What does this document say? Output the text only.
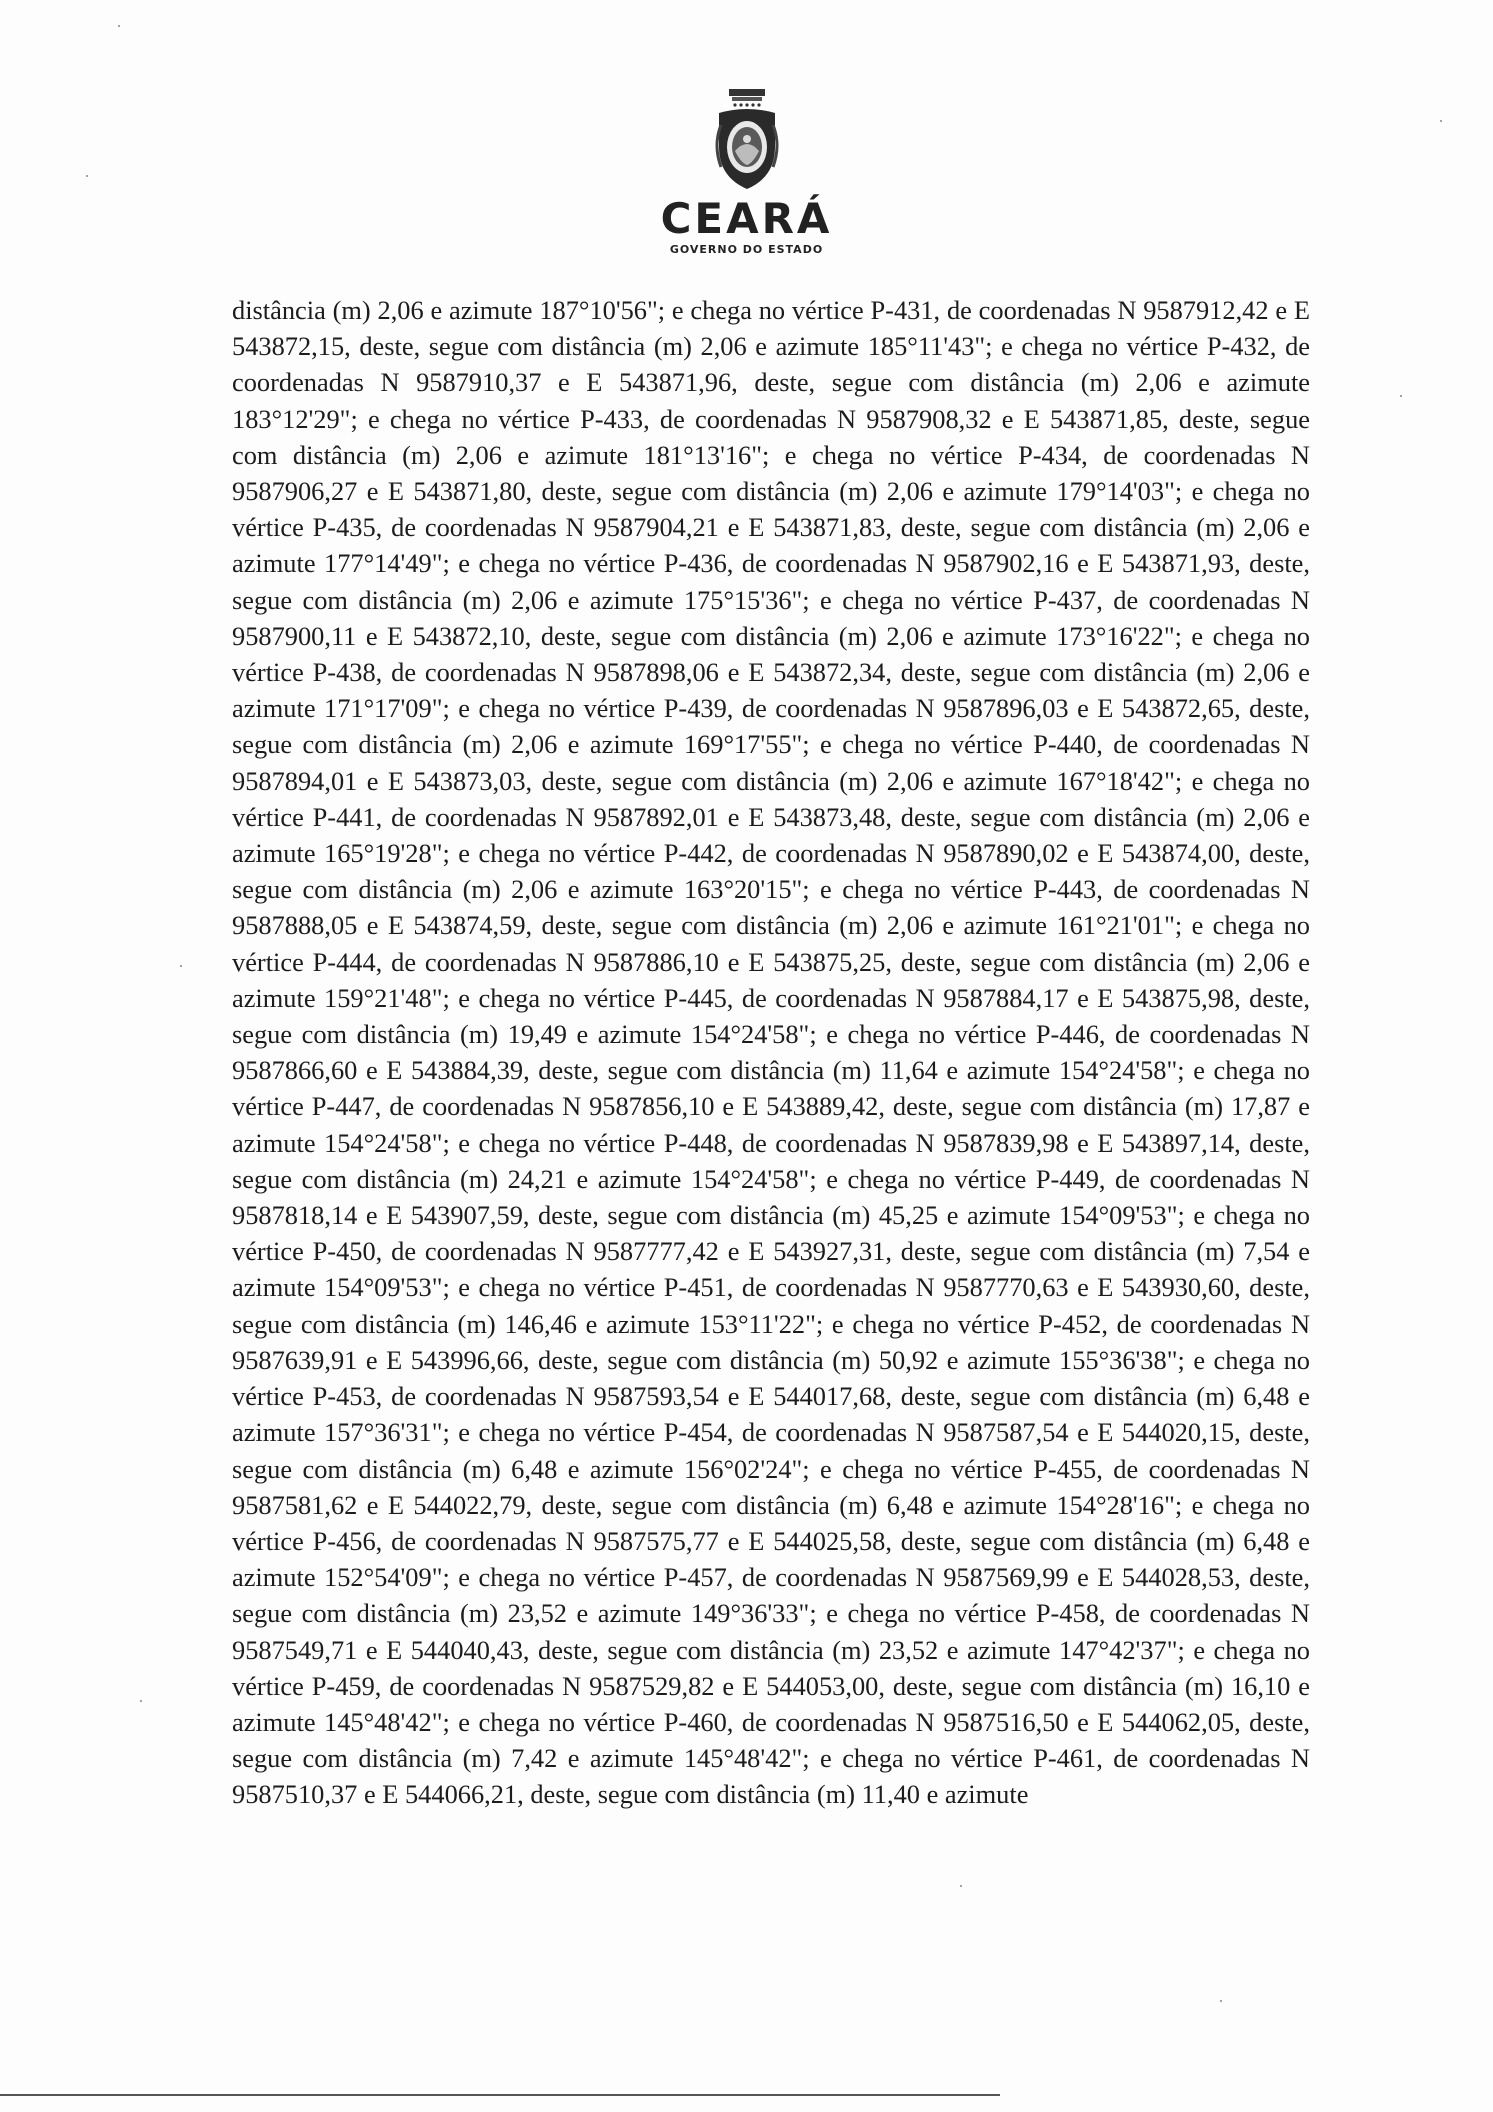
CEARÁ
GOVERNO DO ESTADO
distância (m) 2,06 e azimute 187°10'56"; e chega no vértice P-431, de coordenadas N 9587912,42 e E 543872,15, deste, segue com distância (m) 2,06 e azimute 185°11'43"; e chega no vértice P-432, de coordenadas N 9587910,37 e E 543871,96, deste, segue com distância (m) 2,06 e azimute 183°12'29"; e chega no vértice P-433, de coordenadas N 9587908,32 e E 543871,85, deste, segue com distância (m) 2,06 e azimute 181°13'16"; e chega no vértice P-434, de coordenadas N 9587906,27 e E 543871,80, deste, segue com distância (m) 2,06 e azimute 179°14'03"; e chega no vértice P-435, de coordenadas N 9587904,21 e E 543871,83, deste, segue com distância (m) 2,06 e azimute 177°14'49"; e chega no vértice P-436, de coordenadas N 9587902,16 e E 543871,93, deste, segue com distância (m) 2,06 e azimute 175°15'36"; e chega no vértice P-437, de coordenadas N 9587900,11 e E 543872,10, deste, segue com distância (m) 2,06 e azimute 173°16'22"; e chega no vértice P-438, de coordenadas N 9587898,06 e E 543872,34, deste, segue com distância (m) 2,06 e azimute 171°17'09"; e chega no vértice P-439, de coordenadas N 9587896,03 e E 543872,65, deste, segue com distância (m) 2,06 e azimute 169°17'55"; e chega no vértice P-440, de coordenadas N 9587894,01 e E 543873,03, deste, segue com distância (m) 2,06 e azimute 167°18'42"; e chega no vértice P-441, de coordenadas N 9587892,01 e E 543873,48, deste, segue com distância (m) 2,06 e azimute 165°19'28"; e chega no vértice P-442, de coordenadas N 9587890,02 e E 543874,00, deste, segue com distância (m) 2,06 e azimute 163°20'15"; e chega no vértice P-443, de coordenadas N 9587888,05 e E 543874,59, deste, segue com distância (m) 2,06 e azimute 161°21'01"; e chega no vértice P-444, de coordenadas N 9587886,10 e E 543875,25, deste, segue com distância (m) 2,06 e azimute 159°21'48"; e chega no vértice P-445, de coordenadas N 9587884,17 e E 543875,98, deste, segue com distância (m) 19,49 e azimute 154°24'58"; e chega no vértice P-446, de coordenadas N 9587866,60 e E 543884,39, deste, segue com distância (m) 11,64 e azimute 154°24'58"; e chega no vértice P-447, de coordenadas N 9587856,10 e E 543889,42, deste, segue com distância (m) 17,87 e azimute 154°24'58"; e chega no vértice P-448, de coordenadas N 9587839,98 e E 543897,14, deste, segue com distância (m) 24,21 e azimute 154°24'58"; e chega no vértice P-449, de coordenadas N 9587818,14 e E 543907,59, deste, segue com distância (m) 45,25 e azimute 154°09'53"; e chega no vértice P-450, de coordenadas N 9587777,42 e E 543927,31, deste, segue com distância (m) 7,54 e azimute 154°09'53"; e chega no vértice P-451, de coordenadas N 9587770,63 e E 543930,60, deste, segue com distância (m) 146,46 e azimute 153°11'22"; e chega no vértice P-452, de coordenadas N 9587639,91 e E 543996,66, deste, segue com distância (m) 50,92 e azimute 155°36'38"; e chega no vértice P-453, de coordenadas N 9587593,54 e E 544017,68, deste, segue com distância (m) 6,48 e azimute 157°36'31"; e chega no vértice P-454, de coordenadas N 9587587,54 e E 544020,15, deste, segue com distância (m) 6,48 e azimute 156°02'24"; e chega no vértice P-455, de coordenadas N 9587581,62 e E 544022,79, deste, segue com distância (m) 6,48 e azimute 154°28'16"; e chega no vértice P-456, de coordenadas N 9587575,77 e E 544025,58, deste, segue com distância (m) 6,48 e azimute 152°54'09"; e chega no vértice P-457, de coordenadas N 9587569,99 e E 544028,53, deste, segue com distância (m) 23,52 e azimute 149°36'33"; e chega no vértice P-458, de coordenadas N 9587549,71 e E 544040,43, deste, segue com distância (m) 23,52 e azimute 147°42'37"; e chega no vértice P-459, de coordenadas N 9587529,82 e E 544053,00, deste, segue com distância (m) 16,10 e azimute 145°48'42"; e chega no vértice P-460, de coordenadas N 9587516,50 e E 544062,05, deste, segue com distância (m) 7,42 e azimute 145°48'42"; e chega no vértice P-461, de coordenadas N 9587510,37 e E 544066,21, deste, segue com distância (m) 11,40 e azimute
